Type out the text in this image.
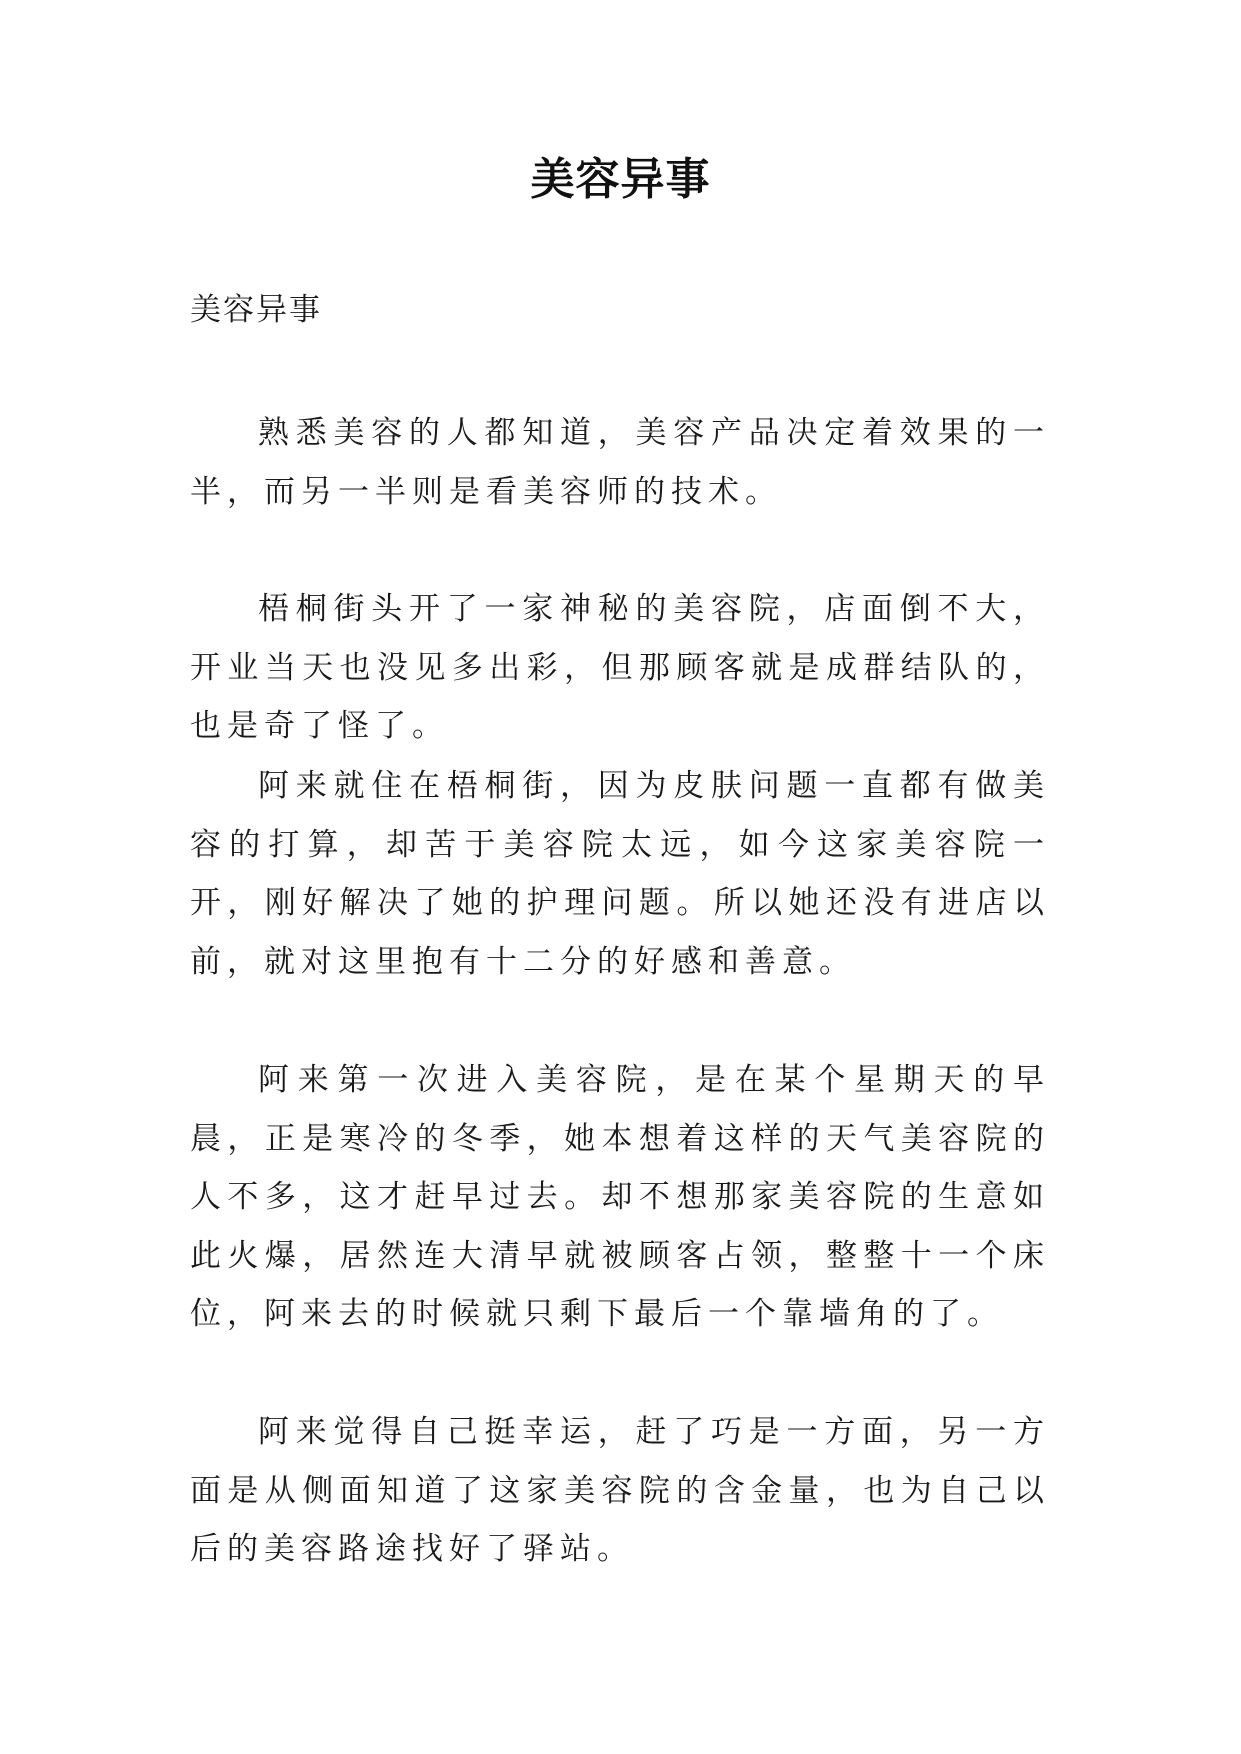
美容异事

美容异事

熟悉美容的人都知道，美容产品决定着效果的一半，而另一半则是看美容师的技术。

梧桐街头开了一家神秘的美容院，店面倒不大，开业当天也没见多出彩，但那顾客就是成群结队的，也是奇了怪了。

阿来就住在梧桐街，因为皮肤问题一直都有做美容的打算，却苦于美容院太远，如今这家美容院一开，刚好解决了她的护理问题。所以她还没有进店以前，就对这里抱有十二分的好感和善意。

阿来第一次进入美容院，是在某个星期天的早晨，正是寒冷的冬季，她本想着这样的天气美容院的人不多，这才赶早过去。却不想那家美容院的生意如此火爆，居然连大清早就被顾客占领，整整十一个床位，阿来去的时候就只剩下最后一个靠墙角的了。

阿来觉得自己挺幸运，赶了巧是一方面，另一方面是从侧面知道了这家美容院的含金量，也为自己以后的美容路途找好了驿站。
